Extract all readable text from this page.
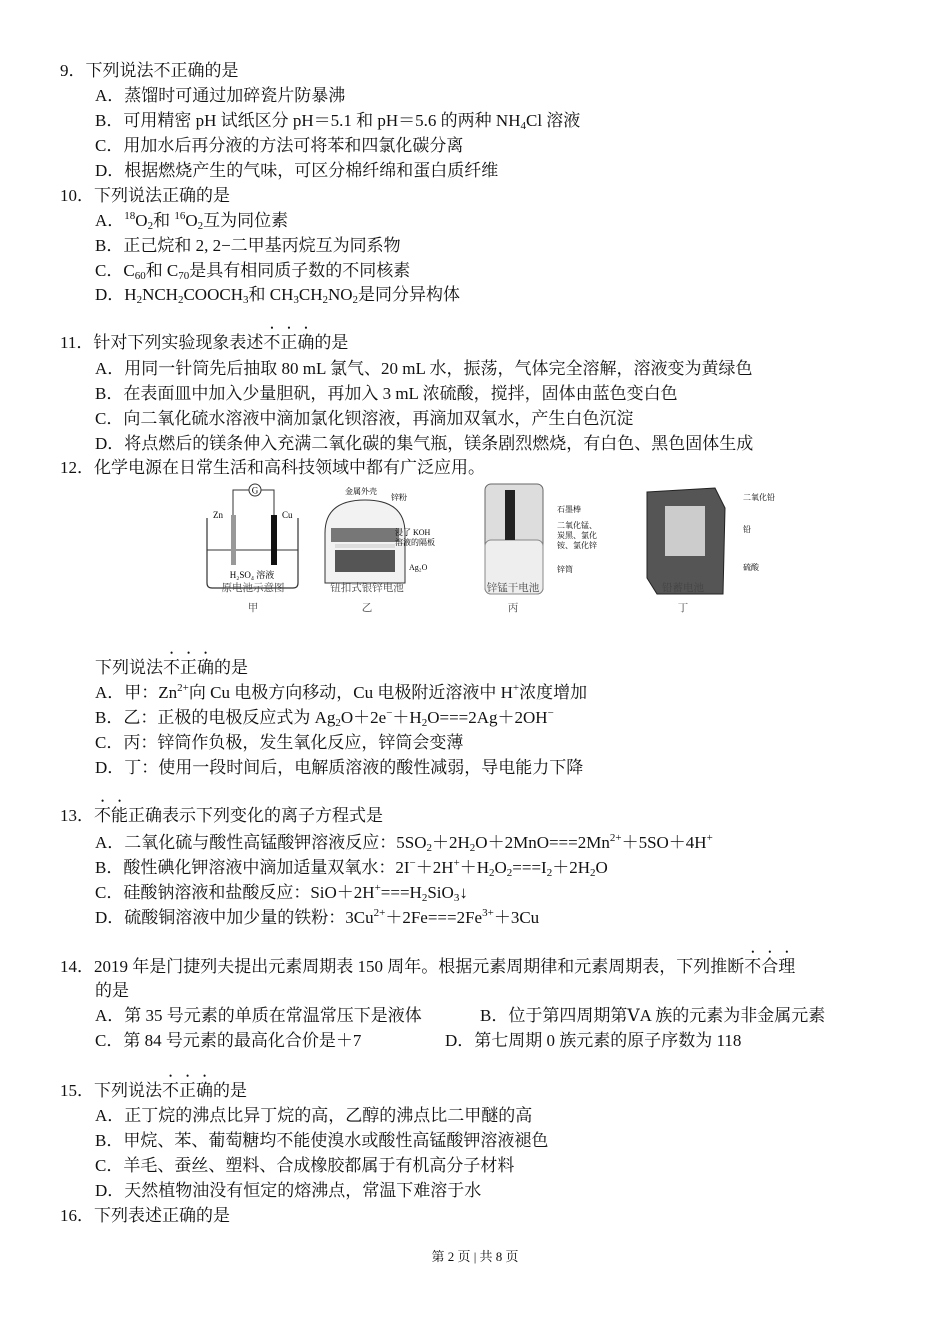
9．下列说法不正确的是
A．蒸馏时可通过加碎瓷片防暴沸
B．可用精密 pH 试纸区分 pH＝5.1 和 pH＝5.6 的两种 $NH_4Cl$ 溶液
C．用加水后再分液的方法可将苯和四氯化碳分离
D．根据燃烧产生的气味，可区分棉纤绵和蛋白质纤维
10．下列说法正确的是
A．$^{18}O_2$和 $^{16}O_2$互为同位素
B．正己烷和 2, 2−二甲基丙烷互为同系物
C．$C_{60}$和 $C_{70}$是具有相同质子数的不同核素
D．$H_2NCH_2COOCH_3$和 $CH_3CH_2NO_2$是同分异构体
11．针对下列实验现象表述不正确的是
A．用同一针筒先后抽取 80 mL 氯气、20 mL 水，振荡，气体完全溶解，溶液变为黄绿色
B．在表面皿中加入少量胆矾，再加入 3 mL 浓硫酸，搅拌，固体由蓝色变白色
C．向二氧化硫水溶液中滴加氯化钡溶液，再滴加双氧水，产生白色沉淀
D．将点燃后的镁条伸入充满二氧化碳的集气瓶，镁条剧烈燃烧，有白色、黑色固体生成
12．化学电源在日常生活和高科技领域中都有广泛应用。
下列说法不正确的是
A．甲：$Zn^{2+}$向 Cu 电极方向移动，Cu 电极附近溶液中 H+浓度增加
B．乙：正极的电极反应式为 $Ag_2O+2e^-+H_2O===2Ag+2OH^-$
C．丙：锌筒作负极，发生氧化反应，锌筒会变薄
D．丁：使用一段时间后，电解质溶液的酸性减弱，导电能力下降
13．不能正确表示下列变化的离子方程式是
A．二氧化硫与酸性高锰酸钾溶液反应：$5SO_2+2H_2O+2MnO===2Mn^{2+}+5SO+4H^+$
B．酸性碘化钾溶液中滴加适量双氧水：$2I^-+2H^++H_2O_2===I_2+2H_2O$
C．硅酸钠溶液和盐酸反应：$SiO+2H^+===H_2SiO_3↓$
D．硫酸铜溶液中加少量的铁粉：$3Cu^{2+}+2Fe===2Fe^{3+}+3Cu$
14．2019 年是门捷列夫提出元素周期表 150 周年。根据元素周期律和元素周期表，下列推断不合理
的是
A．第 35 号元素的单质在常温常压下是液体	B．位于第四周期第ⅤA 族的元素为非金属元素
C．第 84 号元素的最高化合价是＋7	D．第七周期 0 族元素的原子序数为 118
15．下列说法不正确的是
A．正丁烷的沸点比异丁烷的高，乙醇的沸点比二甲醚的高
B．甲烷、苯、葡萄糖均不能使溴水或酸性高锰酸钾溶液褪色
C．羊毛、蚕丝、塑料、合成橡胶都属于有机高分子材料
D．天然植物油没有恒定的熔沸点，常温下难溶于水
16．下列表述正确的是
G
Zn	Cu
H₂SO₄ 溶液
金属外壳
锌粉
浸了 KOH
溶液的隔板
Ag₂O
石墨棒
二氧化锰、
炭黑、氯化
铵、氯化锌
锌筒
二氧化铅
铅
硫酸
原电池示意图
甲
钮扣式银锌电池
乙
锌锰干电池
丙
铅蓄电池
丁
第 2 页 | 共 8 页
